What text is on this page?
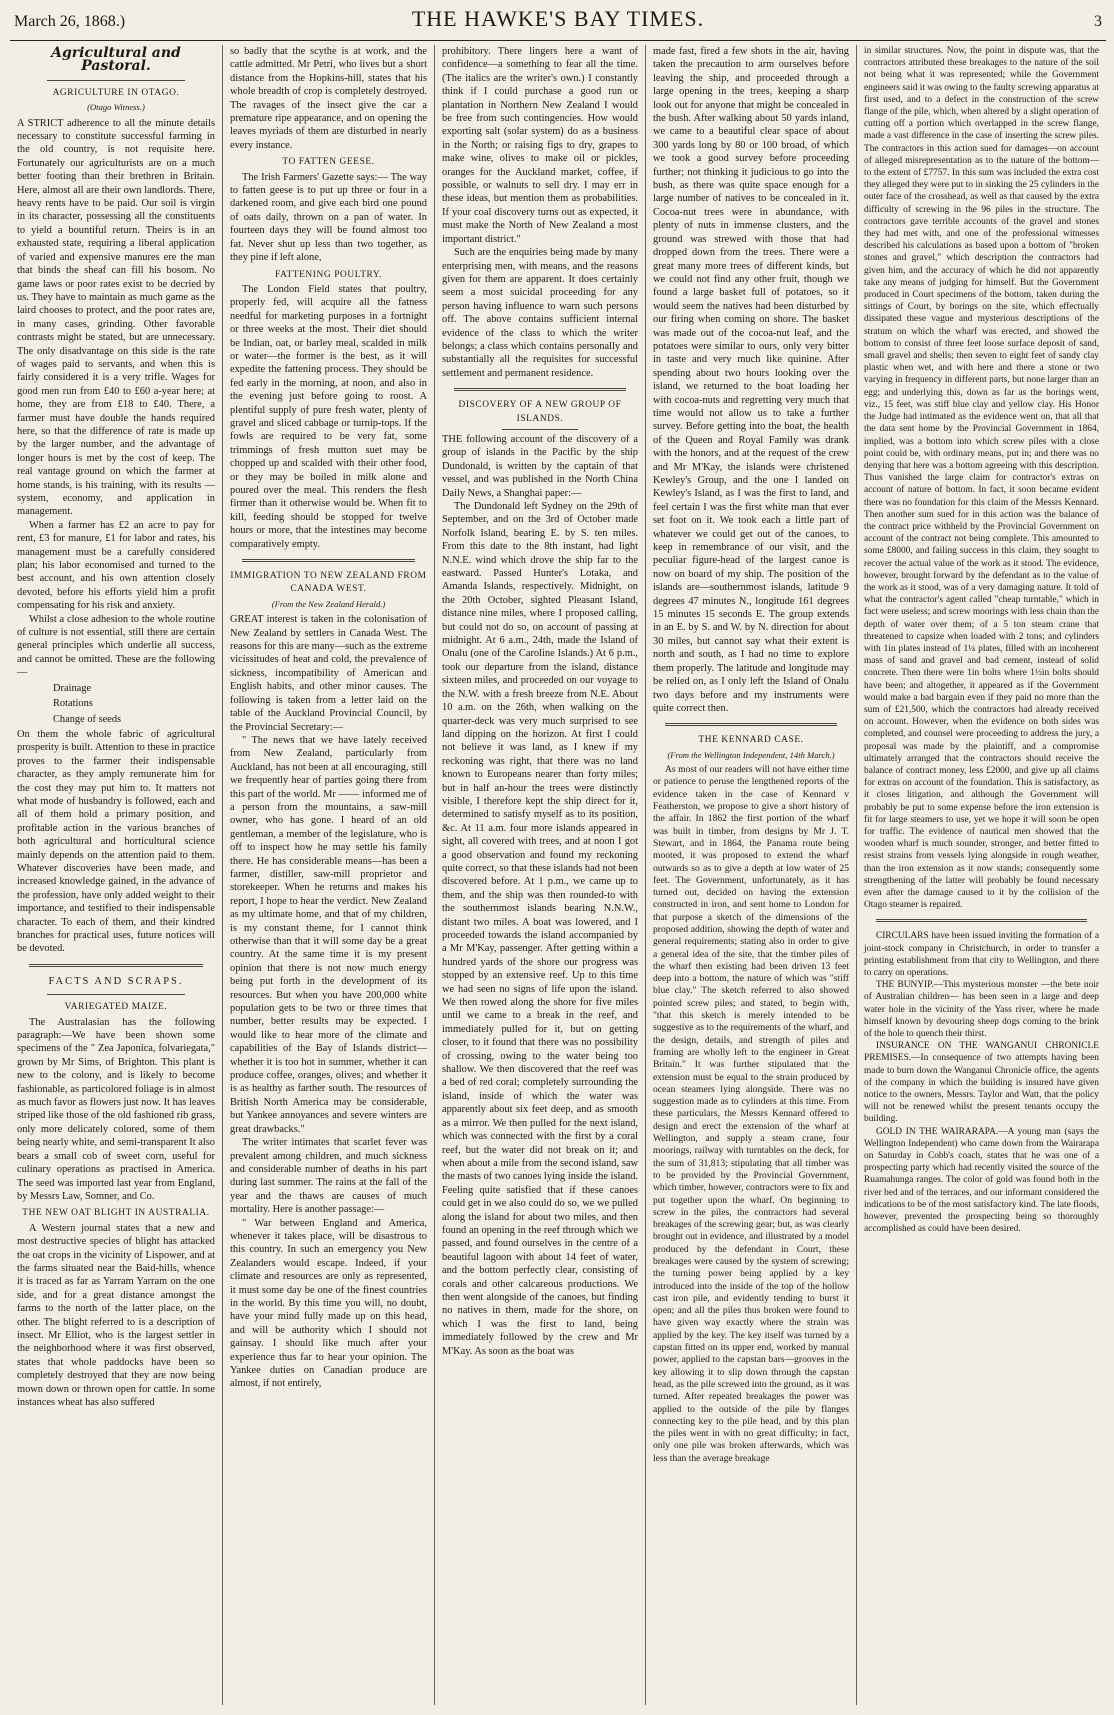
March 26, 1868.)	THE HAWKE'S BAY TIMES.	3
Agricultural and Pastoral.
AGRICULTURE IN OTAGO.
(Otago Witness.)

A STRICT adherence to all the minute details necessary to constitute successful farming in the old country, is not requisite here. Fortunately our agriculturists are on a much better footing than their brethren in Britain. Here, almost all are their own landlords. There, heavy rents have to be paid. Our soil is virgin in its character, possessing all the constituents to yield a bountiful return. Theirs is in an exhausted state, requiring a liberal application of varied and expensive manures ere the man that binds the sheaf can fill his bosom. No game laws or poor rates exist to be decried by us. They have to maintain as much game as the laird chooses to protect, and the poor rates are, in many cases, grinding. Other favorable contrasts might be stated, but are unnecessary. The only disadvantage on this side is the rate of wages paid to servants, and when this is fairly considered it is a very trifle. Wages for good men run from £40 to £60 a-year here; at home, they are from £18 to £40. There, a farmer must have double the hands required here, so that the difference of rate is made up by the larger number, and the advantage of longer hours is met by the cost of keep. The real vantage ground on which the farmer at home stands, is his training, with its results —system, economy, and application in management.

When a farmer has £2 an acre to pay for rent, £3 for manure, £1 for labor and rates, his management must be a carefully considered plan; his labor economised and turned to the best account, and his own attention closely devoted, before his efforts yield him a profit compensating for his risk and anxiety.

Whilst a close adhesion to the whole routine of culture is not essential, still there are certain general principles which underlie all success, and cannot be omitted. These are the following—

Drainage
Rotations
Change of seeds

On them the whole fabric of agricultural prosperity is built. Attention to these in practice proves to the farmer their indispensable character, as they amply remunerate him for the cost they may put him to. It matters not what mode of husbandry is followed, each and all of them hold a primary position, and profitable action in the various branches of both agricultural and horticultural science mainly depends on the attention paid to them. Whatever discoveries have been made, and increased knowledge gained, in the advance of the profession, have only added weight to their importance, and testified to their indispensable character. To each of them, and their kindred branches for practical uses, future notices will be devoted.

FACTS AND SCRAPS.
VARIEGATED MAIZE.

The Australasian has the following paragraph:—We have been shown some specimens of the " Zea Japonica, folvariegata," grown by Mr Sims, of Brighton. This plant is new to the colony, and is likely to become fashionable, as particolored foliage is in almost as much favor as flowers just now. It has leaves striped like those of the old fashioned rib grass, only more delicately colored, some of them being nearly white, and semi-transparent It also bears a small cob of sweet corn, useful for culinary operations as practised in America. The seed was imported last year from England, by Messrs Law, Somner, and Co.

THE NEW OAT BLIGHT IN AUSTRALIA.

A Western journal states that a new and most destructive species of blight has attacked the oat crops in the vicinity of Lispower, and at the farms situated near the Baid-hills, whence it is traced as far as Yarram Yarram on the one side, and for a great distance amongst the farms to the north of the latter place, on the other. The blight referred to is a description of insect. Mr Elliot, who is the largest settler in the neighborhood where it was first observed, states that whole paddocks have been so completely destroyed that they are now being mown down or thrown open for cattle. In some instances wheat has also suffered

so badly that the scythe is at work, and the cattle admitted. Mr Petri, who lives but a short distance from the Hopkins-hill, states that his whole breadth of crop is completely destroyed. The ravages of the insect give the car a premature ripe appearance, and on opening the leaves myriads of them are disturbed in nearly every instance.

TO FATTEN GEESE.

The Irish Farmers' Gazette says:— The way to fatten geese is to put up three or four in a darkened room, and give each bird one pound of oats daily, thrown on a pan of water. In fourteen days they will be found almost too fat. Never shut up less than two together, as they pine if left alone,

FATTENING POULTRY.

The London Field states that poultry, properly fed, will acquire all the fatness needful for marketing purposes in a fortnight or three weeks at the most. Their diet should be Indian, oat, or barley meal, scalded in milk or water—the former is the best, as it will expedite the fattening process. They should be fed early in the morning, at noon, and also in the evening just before going to roost. A plentiful supply of pure fresh water, plenty of gravel and sliced cabbage or turnip-tops. If the fowls are required to be very fat, some trimmings of fresh mutton suet may be chopped up and scalded with their other food, or they may be boiled in milk alone and poured over the meal. This renders the flesh firmer than it otherwise would be. When fit to kill, feeding should be stopped for twelve hours or more, that the intestines may become comparatively empty.

IMMIGRATION TO NEW ZEALAND FROM CANADA WEST.
(From the New Zealand Herald.)

GREAT interest is taken in the colonisation of New Zealand by settlers in Canada West. The reasons for this are many—such as the extreme vicissitudes of heat and cold, the prevalence of sickness, incompatibility of American and English habits, and other minor causes. The following is taken from a letter laid on the table of the Auckland Provincial Council, by the Provincial Secretary:—

" The news that we have lately received from New Zealand, particularly from Auckland, has not been at all encouraging, still we frequently hear of parties going there from this part of the world. Mr —— informed me of a person from the mountains, a saw-mill owner, who has gone. I heard of an old gentleman, a member of the legislature, who is off to inspect how he may settle his family there. He has considerable means—has been a farmer, distiller, saw-mill proprietor and storekeeper. When he returns and makes his report, I hope to hear the verdict. New Zealand as my ultimate home, and that of my children, is my constant theme, for I cannot think otherwise than that it will some day be a great country. At the same time it is my present opinion that there is not now much energy being put forth in the development of its resources. But when you have 200,000 white population gets to be two or three times that number, better results may be expected. I would like to hear more of the climate and capabilities of the Bay of Islands district—whether it is too hot in summer, whether it can produce coffee, oranges, olives; and whether it is as healthy as farther south. The resources of British North America may be considerable, but Yankee annoyances and severe winters are great drawbacks."

The writer intimates that scarlet fever was prevalent among children, and much sickness and considerable number of deaths in his part during last summer. The rains at the fall of the year and the thaws are causes of much mortality. Here is another passage:—

" War between England and America, whenever it takes place, will be disastrous to this country. In such an emergency you New Zealanders would escape. Indeed, if your climate and resources are only as represented, it must some day be one of the finest countries in the world. By this time you will, no doubt, have your mind fully made up on this head, and will be authority which I should not gainsay. I should like much after your experience thus far to hear your opinion. The Yankee duties on Canadian produce are almost, if not entirely,

prohibitory. There lingers here a want of confidence—a something to fear all the time. (The italics are the writer's own.) I constantly think if I could purchase a good run or plantation in Northern New Zealand I would be free from such contingencies. How would exporting salt (solar system) do as a business in the North; or raising figs to dry, grapes to make wine, olives to make oil or pickles, oranges for the Auckland market, coffee, if possible, or walnuts to sell dry. I may err in these ideas, but mention them as probabilities. If your coal discovery turns out as expected, it must make the North of New Zealand a most important district."

Such are the enquiries being made by many enterprising men, with means, and the reasons given for them are apparent. It does certainly seem a most suicidal proceeding for any person having influence to warn such persons off. The above contains sufficient internal evidence of the class to which the writer belongs; a class which contains personally and substantially all the requisites for successful settlement and permanent residence.

DISCOVERY OF A NEW GROUP OF ISLANDS.

THE following account of the discovery of a group of islands in the Pacific by the ship Dundonald, is written by the captain of that vessel, and was published in the North China Daily News, a Shanghai paper:—

The Dundonald left Sydney on the 29th of September, and on the 3rd of October made Norfolk Island, bearing E. by S. ten miles. From this date to the 8th instant, had light N.N.E. wind which drove the ship far to the eastward. Passed Hunter's Lotaka, and Amanda Islands, respectively. Midnight, on the 20th October, sighted Pleasant Island, distance nine miles, where I proposed calling, but could not do so, on account of passing at midnight. At 6 a.m., 24th, made the Island of Onalu (one of the Caroline Islands.) At 6 p.m., took our departure from the island, distance sixteen miles, and proceeded on our voyage to the N.W. with a fresh breeze from N.E. About 10 a.m. on the 26th, when walking on the quarter-deck was very much surprised to see land dipping on the horizon. At first I could not believe it was land, as I knew if my reckoning was right, that there was no land known to Europeans nearer than forty miles; but in half an-hour the trees were distinctly visible, I therefore kept the ship direct for it, determined to satisfy myself as to its position, &c. At 11 a.m. four more islands appeared in sight, all covered with trees, and at noon I got a good observation and found my reckoning quite correct, so that these islands had not been discovered before. At 1 p.m., we came up to them, and the ship was then rounded-to with the southernmost islands bearing N.N.W., distant two miles. A boat was lowered, and I proceeded towards the island accompanied by a Mr M'Kay, passenger. After getting within a hundred yards of the shore our progress was stopped by an extensive reef. Up to this time we had seen no signs of life upon the island. We then rowed along the shore for five miles until we came to a break in the reef, and immediately pulled for it, but on getting closer, to it found that there was no possibility of crossing, owing to the water being too shallow. We then discovered that the reef was a bed of red coral; completely surrounding the island, inside of which the water was apparently about six feet deep, and as smooth as a mirror. We then pulled for the next island, which was connected with the first by a coral reef, but the water did not break on it; and when about a mile from the second island, saw the masts of two canoes lying inside the island. Feeling quite satisfied that if these canoes could get in we also could do so, we we pulled along the island for about two miles, and then found an opening in the reef through which we passed, and found ourselves in the centre of a beautiful lagoon with about 14 feet of water, and the bottom perfectly clear, consisting of corals and other calcareous productions. We then went alongside of the canoes, but finding no natives in them, made for the shore, on which I was the first to land, being immediately followed by the crew and Mr M'Kay. As soon as the boat was

made fast, fired a few shots in the air, having taken the precaution to arm ourselves before leaving the ship, and proceeded through a large opening in the trees, keeping a sharp look out for anyone that might be concealed in the bush. After walking about 50 yards inland, we came to a beautiful clear space of about 300 yards long by 80 or 100 broad, of which we took a good survey before proceeding further; not thinking it judicious to go into the bush, as there was quite space enough for a large number of natives to be concealed in it. Cocoa-nut trees were in abundance, with plenty of nuts in immense clusters, and the ground was strewed with those that had dropped down from the trees. There were a great many more trees of different kinds, but we could not find any other fruit, though we found a large basket full of potatoes, so it would seem the natives had been disturbed by our firing when coming on shore. The basket was made out of the cocoa-nut leaf, and the potatoes were similar to ours, only very bitter in taste and very much like quinine. After spending about two hours looking over the island, we returned to the boat loading her with cocoa-nuts and regretting very much that time would not allow us to take a further survey. Before getting into the boat, the health of the Queen and Royal Family was drank with the honors, and at the request of the crew and Mr M'Kay, the islands were christened Kewley's Group, and the one I landed on Kewley's Island, as I was the first to land, and feel certain I was the first white man that ever set foot on it. We took each a little part of whatever we could get out of the canoes, to keep in remembrance of our visit, and the peculiar figure-head of the largest canoe is now on board of my ship. The position of the islands are—southernmost islands, latitude 9 degrees 47 minutes N., longitude 161 degrees 15 minutes 15 seconds E. The group extends in an E. by S. and W. by N. direction for about 30 miles, but cannot say what their extent is north and south, as I had no time to explore them properly. The latitude and longitude may be relied on, as I only left the Island of Onalu two days before and my instruments were quite correct then.

THE KENNARD CASE.
(From the Wellington Independent, 14th March.)

As most of our readers will not have either time or patience to peruse the lengthened reports of the evidence taken in the case of Kennard v Featherston, we propose to give a short history of the affair. In 1862 the first portion of the wharf was built in timber, from designs by Mr J. T. Stewart, and in 1864, the Panama route being mooted, it was proposed to extend the wharf outwards so as to give a depth at low water of 25 feet. The Government, unfortunately, as it has turned out, decided on having the extension constructed in iron, and sent home to London for that purpose a sketch of the dimensions of the proposed addition, showing the depth of water and general requirements; stating also in order to give a general idea of the site, that the timber piles of the wharf then existing had been driven 13 feet deep into a bottom, the nature of which was "stiff blue clay." The sketch referred to also showed pointed screw piles; and stated, to begin with, "that this sketch is merely intended to be suggestive as to the requirements of the wharf, and the design, details, and strength of piles and framing are wholly left to the engineer in Great Britain." It was further stipulated that the extension must be equal to the strain produced by ocean steamers lying alongside. There was no suggestion made as to cylinders at this time. From these particulars, the Messrs Kennard offered to design and erect the extension of the wharf at Wellington, and supply a steam crane, four moorings, railway with turntables on the deck, for the sum of 31,813; stipulating that all timber was to be provided by the Provincial Government, which timber, however, contractors were to fix and put together upon the wharf. On beginning to screw in the piles, the contractors had several breakages of the screwing gear; but, as was clearly brought out in evidence, and illustrated by a model produced by the defendant in Court, these breakages were caused by the system of screwing; the turning power being applied by a key introduced into the inside of the top of the hollow cast iron pile, and evidently tending to burst it open; and all the piles thus broken were found to have given way exactly where the strain was applied by the key. The key itself was turned by a capstan fitted on its upper end, worked by manual power, applied to the capstan bars—grooves in the key allowing it to slip down through the capstan head, as the pile screwed into the ground, as it was turned. After repeated breakages the power was applied to the outside of the pile by flanges connecting key to the pile head, and by this plan the piles went in with no great difficulty; in fact, only one pile was broken afterwards, which was less than the average breakage

in similar structures. Now, the point in dispute was, that the contractors attributed these breakages to the nature of the soil not being what it was represented; while the Government engineers said it was owing to the faulty screwing apparatus at first used, and to a defect in the construction of the screw flange of the pile, which, when altered by a slight operation of cutting off a portion which overlapped in the screw flange, made a vast difference in the case of inserting the screw piles. The contractors in this action sued for damages—on account of alleged misrepresentation as to the nature of the bottom—to the extent of £7757. In this sum was included the extra cost they alleged they were put to in sinking the 25 cylinders in the outer face of the crosshead, as well as that caused by the extra difficulty of screwing in the 96 piles in the structure. The contractors gave terrible accounts of the gravel and stones they had met with, and one of the professional witnesses described his calculations as based upon a bottom of "broken stones and gravel," which description the contractors had given him, and the accuracy of which he did not apparently take any means of judging for himself. But the Government produced in Court specimens of the bottom, taken during the sittings of Court, by borings on the site, which effectually dissipated these vague and mysterious descriptions of the stratum on which the wharf was erected, and showed the bottom to consist of three feet loose surface deposit of sand, small gravel and shells; then seven to eight feet of sandy clay plastic when wet, and with here and there a stone or two varying in frequency in different parts, but none larger than an egg; and underlying this, down as far as the borings went, viz., 15 feet, was stiff blue clay and yellow clay. His Honor the Judge had intimated as the evidence went on, that all that the data sent home by the Provincial Government in 1864, implied, was a bottom into which screw piles with a close point could be, with ordinary means, put in; and there was no denying that here was a bottom agreeing with this description. Thus vanished the large claim for contractor's extras on account of nature of bottom. In fact, it soon became evident there was no foundation for this claim of the Messrs Kennard. Then another sum sued for in this action was the balance of the contract price withheld by the Provincial Government on account of the contract not being complete. This amounted to some £8000, and failing success in this claim, they sought to recover the actual value of the work as it stood. The evidence, however, brought forward by the defendant as to the value of the work as it stood, was of a very damaging nature. It told of what the contractor's agent called "cheap turntable," which in fact were useless; and screw moorings with less chain than the depth of water over them; of a 5 ton steam crane that threatened to capsize when loaded with 2 tons; and cylinders with 1in plates instead of 1¼ plates, filled with an incoherent mass of sand and gravel and bad cement, instead of solid concrete. Then there were 1in bolts where 1½in bolts should have been; and altogether, it appeared as if the Government would make a bad bargain even if they paid no more than the sum of £21,500, which the contractors had already received on account. However, when the evidence on both sides was completed, and counsel were proceeding to address the jury, a proposal was made by the plaintiff, and a compromise ultimately arranged that the contractors should receive the balance of contract money, less £2000, and give up all claims for extras on account of the foundation. This is satisfactory, as it closes litigation, and although the Government will probably be put to some expense before the iron extension is fit for large steamers to use, yet we hope it will soon be open for traffic. The evidence of nautical men showed that the wooden wharf is much sounder, stronger, and better fitted to resist strains from vessels lying alongside in rough weather, than the iron extension as it now stands; consequently some strengthening of the latter will probably be found necessary even after the damage caused to it by the collision of the Otago steamer is repaired.

CIRCULARS have been issued inviting the formation of a joint-stock company in Christchurch, in order to transfer a printing establishment from that city to Wellington, and there to carry on operations.

THE BUNYIP.—This mysterious monster —the bete noir of Australian children— has been seen in a large and deep water hole in the vicinity of the Yass river, where he made himself known by devouring sheep dogs coming to the brink of the hole to quench their thirst.

INSURANCE ON THE WANGANUI CHRONICLE PREMISES.—In consequence of two attempts having been made to burn down the Wanganui Chronicle office, the agents of the company in which the building is insured have given notice to the owners, Messrs. Taylor and Watt, that the policy will not be renewed whilst the present tenants occupy the building.

GOLD IN THE WAIRARAPA.—A young man (says the Wellington Independent) who came down from the Wairarapa on Saturday in Cobb's coach, states that he was one of a prospecting party which had recently visited the source of the Ruamahunga ranges. The color of gold was found both in the river bed and of the terraces, and our informant considered the indications to be of the most satisfactory kind. The late floods, however, prevented the prospecting being so thoroughly accomplished as could have been desired.
